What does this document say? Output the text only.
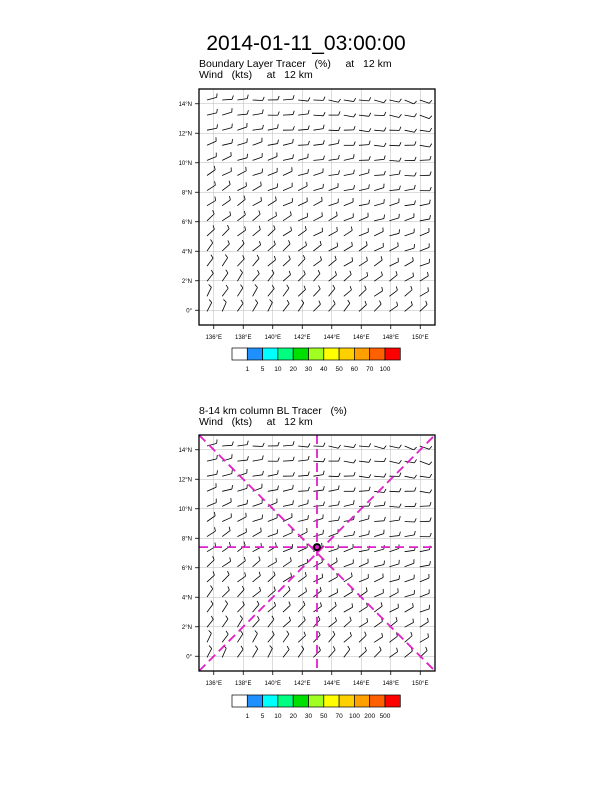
2014-01-11_03:00:00
Boundary Layer Tracer   (%)     at   12 km
Wind   (kts)     at   12 km
8-14 km column BL Tracer   (%)
Wind   (kts)     at   12 km
136°E 138°E 140°E 142°E 144°E 146°E 148°E 150°E
0°
2°N
4°N
6°N
8°N
10°N
12°N
14°N
1 5 10 20 30 40 50 60 70 100
136°E 138°E 140°E 142°E 144°E 146°E 148°E 150°E
0°
2°N
4°N
6°N
8°N
10°N
12°N
14°N
1 5 10 20 30 50 70 100 200 500
